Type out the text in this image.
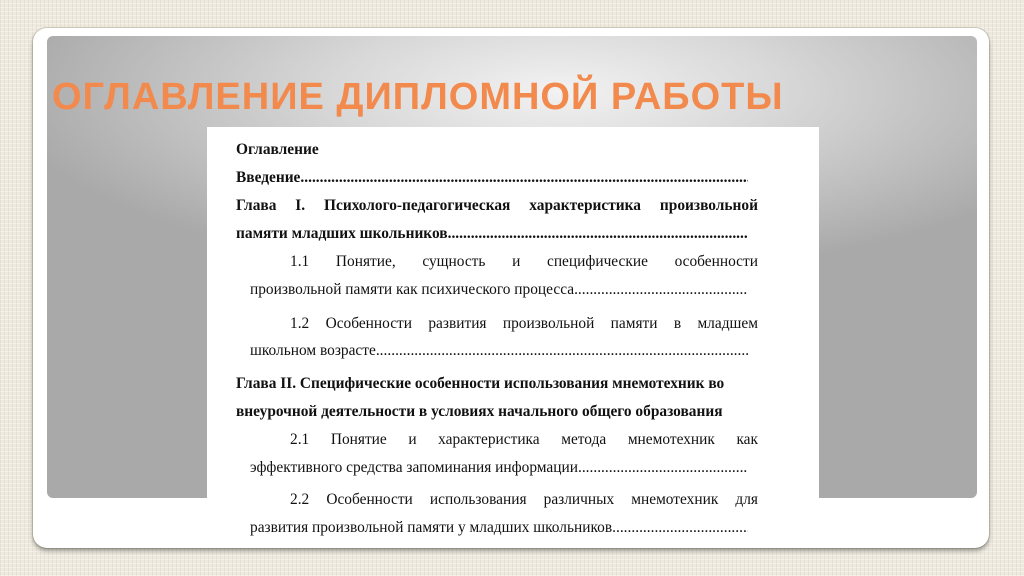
ОГЛАВЛЕНИЕ ДИПЛОМНОЙ РАБОТЫ
Оглавление
Введение.
.....
Глава I. Психолого-педагогическая характеристика произвольной
памяти младших школьников
.....
1.1 Понятие, сущность и специфические особенности
произвольной памяти как психического процесса
.....
1.2 Особенности развития произвольной памяти в младшем
школьном возрасте
.....
Глава II. Специфические особенности использования мнемотехник во
внеурочной деятельности в условиях начального общего образования
2.1 Понятие и характеристика метода мнемотехник как
эффективного средства запоминания информации
.....
2.2 Особенности использования различных мнемотехник для
развития произвольной памяти у младших школьников
.....
